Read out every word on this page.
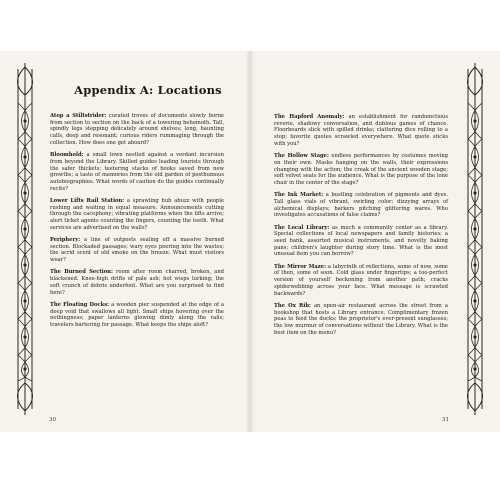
Appendix A: Locations

Atop a Stiltstrider: curated troves of documents slowly borne from section to section on the back of a towering behemoth. Tall, spindly legs stepping delicately around shelves; long, haunting calls, deep and resonant; curious riders rummaging through the collection. How does one get aboard?

Bloomhold: a small town nestled against a verdant incursion from beyond the Library. Skilled guides leading tourists through the safer thickets; teetering stacks of books saved from new growths; a taste of memories from the old garden of posthumous autobiographies. What words of caution do the guides continually recite?

Lower Lifts Rail Station: a sprawling hub abuzz with people rushing and waiting in equal measure. Announcements cutting through the cacophony; vibrating platforms when the lifts arrive; alert ticket agents counting the fingers, counting the teeth. What services are advertised on the walls?

Periphery: a line of outposts sealing off a massive burned section. Blockaded passages; wary eyes peering into the wastes; the acrid scent of old smoke on the breeze. What must visitors wear?

The Burned Section: room after room charred, broken, and blackened. Knee-high drifts of pale ash; hot wisps lurking; the soft crunch of debris underfoot. What are you surprised to find here?

The Floating Docks: a wooden pier suspended at the edge of a deep void that swallows all light. Small ships hovering over the nothingness; paper lanterns glowing dimly along the rails; travelers bartering for passage. What keeps the ships aloft?

30

The Hapford Anomaly: an establishment for rambunctious reverie, shadowy conversation, and dubious games of chance. Floorboards slick with spilled drinks; clattering dice rolling to a stop; favorite quotes scrawled everywhere. What quote sticks with you?

The Hollow Stage: endless performances by costumes moving on their own. Masks hanging on the walls, their expressions changing with the action; the creak of the ancient wooden stage; soft velvet seats for the audience. What is the purpose of the lone chair in the center of the stage?

The Ink Market: a bustling celebration of pigments and dyes. Tall glass vials of vibrant, swirling color; dizzying arrays of alchemical displays; barkers pitching glittering wares. Who investigates accusations of false claims?

The Local Library: as much a community center as a library. Special collections of local newspapers and family histories; a seed bank, assorted musical instruments, and novelty baking pans; children's laughter during story time. What is the most unusual item you can borrow?

The Mirror Maze: a labyrinth of reflections, some of now, some of then, some of soon. Cold glass under fingertips; a too-perfect version of yourself beckoning from another path; cracks spiderwebbing across your face. What message is scrawled backwards?

The Ox Rib: an open-air restaurant across the street from a bookshop that hosts a Library entrance. Complimentary frozen peas to feed the ducks; the proprietor's ever-present sunglasses; the low murmur of conversations without the Library. What is the best item on the menu?

31
